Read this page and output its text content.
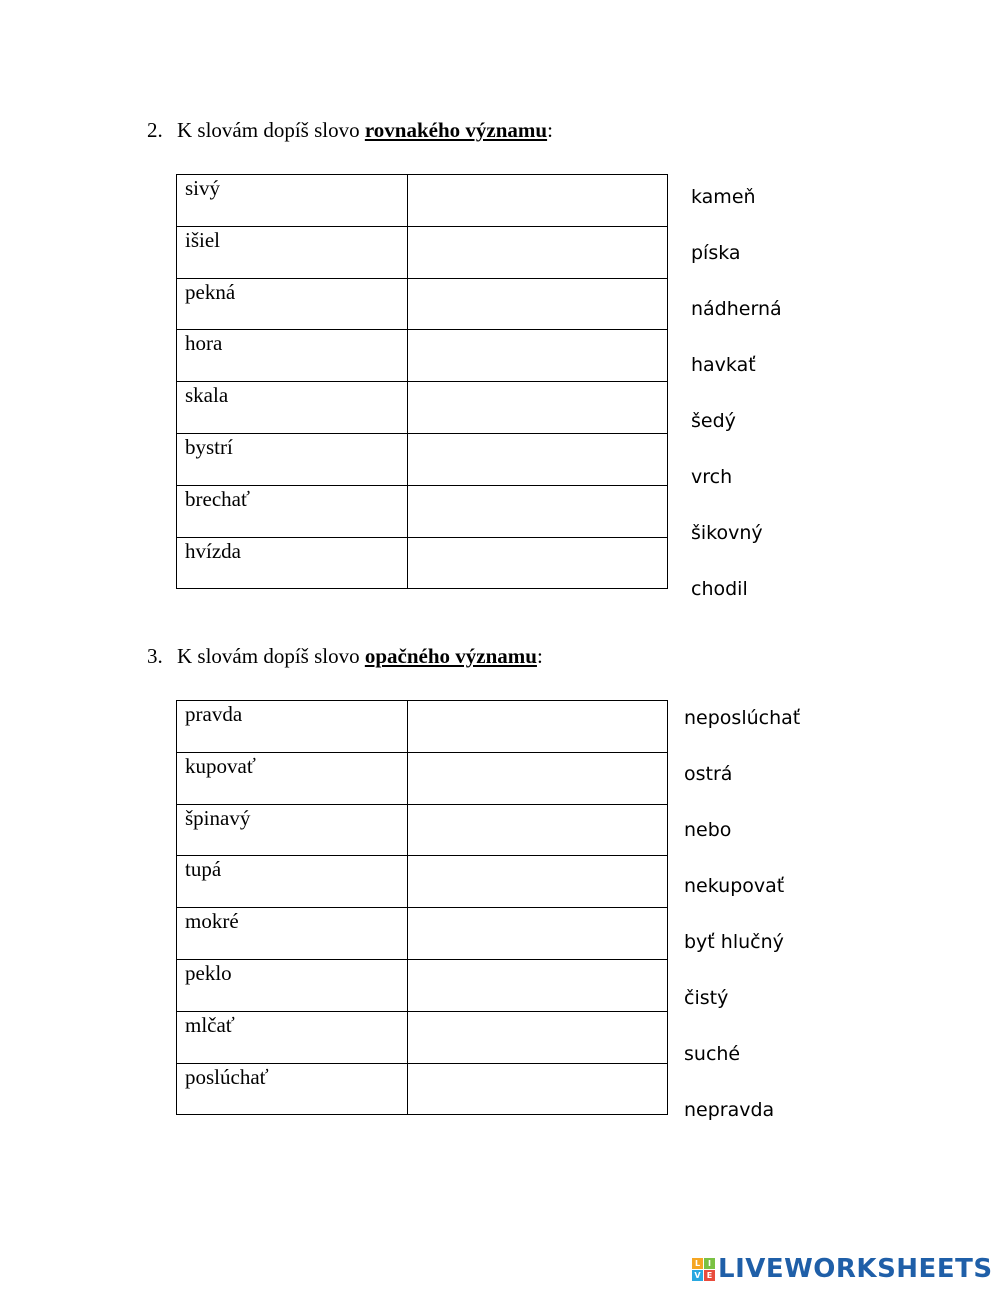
2. K slovám dopíš slovo rovnakého významu:
sivý	
išiel	
pekná	
hora	
skala	
bystrí	
brechať	
hvízda	
kameň
píska
nádherná
havkať
šedý
vrch
šikovný
chodil
3. K slovám dopíš slovo opačného významu:
pravda	
kupovať	
špinavý	
tupá	
mokré	
peklo	
mlčať	
poslúchať	
neposlúchať
ostrá
nebo
nekupovať
byť hlučný
čistý
suché
nepravda
L I
V E LIVEWORKSHEETS
